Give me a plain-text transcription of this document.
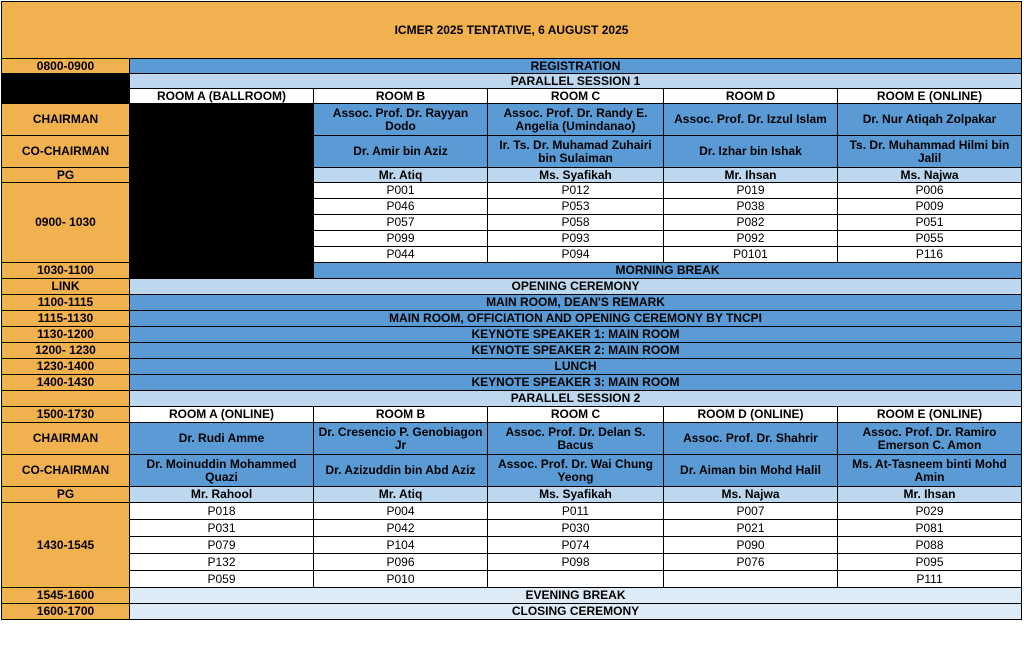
ICMER 2025 TENTATIVE, 6 AUGUST 2025					
0800-0900	REGISTRATION				
	PARALLEL SESSION 1				
	ROOM A (BALLROOM)	ROOM B	ROOM C	ROOM D	ROOM E (ONLINE)
CHAIRMAN	PREPARATION FOR OPENING CEREMONY	Assoc. Prof. Dr. Rayyan Dodo	Assoc. Prof. Dr. Randy E. Angelia (Umindanao)	Assoc. Prof. Dr. Izzul Islam	Dr. Nur Atiqah Zolpakar
CO-CHAIRMAN		Dr. Amir bin Aziz	Ir. Ts. Dr. Muhamad Zuhairi bin Sulaiman	Dr. Izhar bin Ishak	Ts. Dr. Muhammad Hilmi bin Jalil
PG		Mr. Atiq	Ms. Syafikah	Mr. Ihsan	Ms. Najwa
0900- 1030		P001	P012	P019	P006
		P046	P053	P038	P009
		P057	P058	P082	P051
		P099	P093	P092	P055
		P044	P094	P0101	P116
1030-1100		MORNING BREAK			
LINK	OPENING CEREMONY				
1100-1115	MAIN ROOM, DEAN'S REMARK				
1115-1130	MAIN ROOM, OFFICIATION AND OPENING CEREMONY BY TNCPI				
1130-1200	KEYNOTE SPEAKER 1: MAIN ROOM				
1200- 1230	KEYNOTE SPEAKER 2: MAIN ROOM				
1230-1400	LUNCH				
1400-1430	KEYNOTE SPEAKER 3: MAIN ROOM				
	PARALLEL SESSION 2				
1500-1730	ROOM A (ONLINE)	ROOM B	ROOM C	ROOM D (ONLINE)	ROOM E (ONLINE)
CHAIRMAN	Dr. Rudi Amme	Dr. Cresencio P. Genobiagon Jr	Assoc. Prof. Dr. Delan S. Bacus	Assoc. Prof. Dr. Shahrir	Assoc. Prof. Dr. Ramiro Emerson C. Amon
CO-CHAIRMAN	Dr. Moinuddin Mohammed Quazi	Dr. Azizuddin bin Abd Aziz	Assoc. Prof. Dr. Wai Chung Yeong	Dr. Aiman bin Mohd Halil	Ms. At-Tasneem binti Mohd Amin
PG	Mr. Rahool	Mr. Atiq	Ms. Syafikah	Ms. Najwa	Mr. Ihsan
1430-1545	P018	P004	P011	P007	P029
	P031	P042	P030	P021	P081
	P079	P104	P074	P090	P088
	P132	P096	P098	P076	P095
	P059	P010			P111
1545-1600	EVENING BREAK				
1600-1700	CLOSING CEREMONY				
